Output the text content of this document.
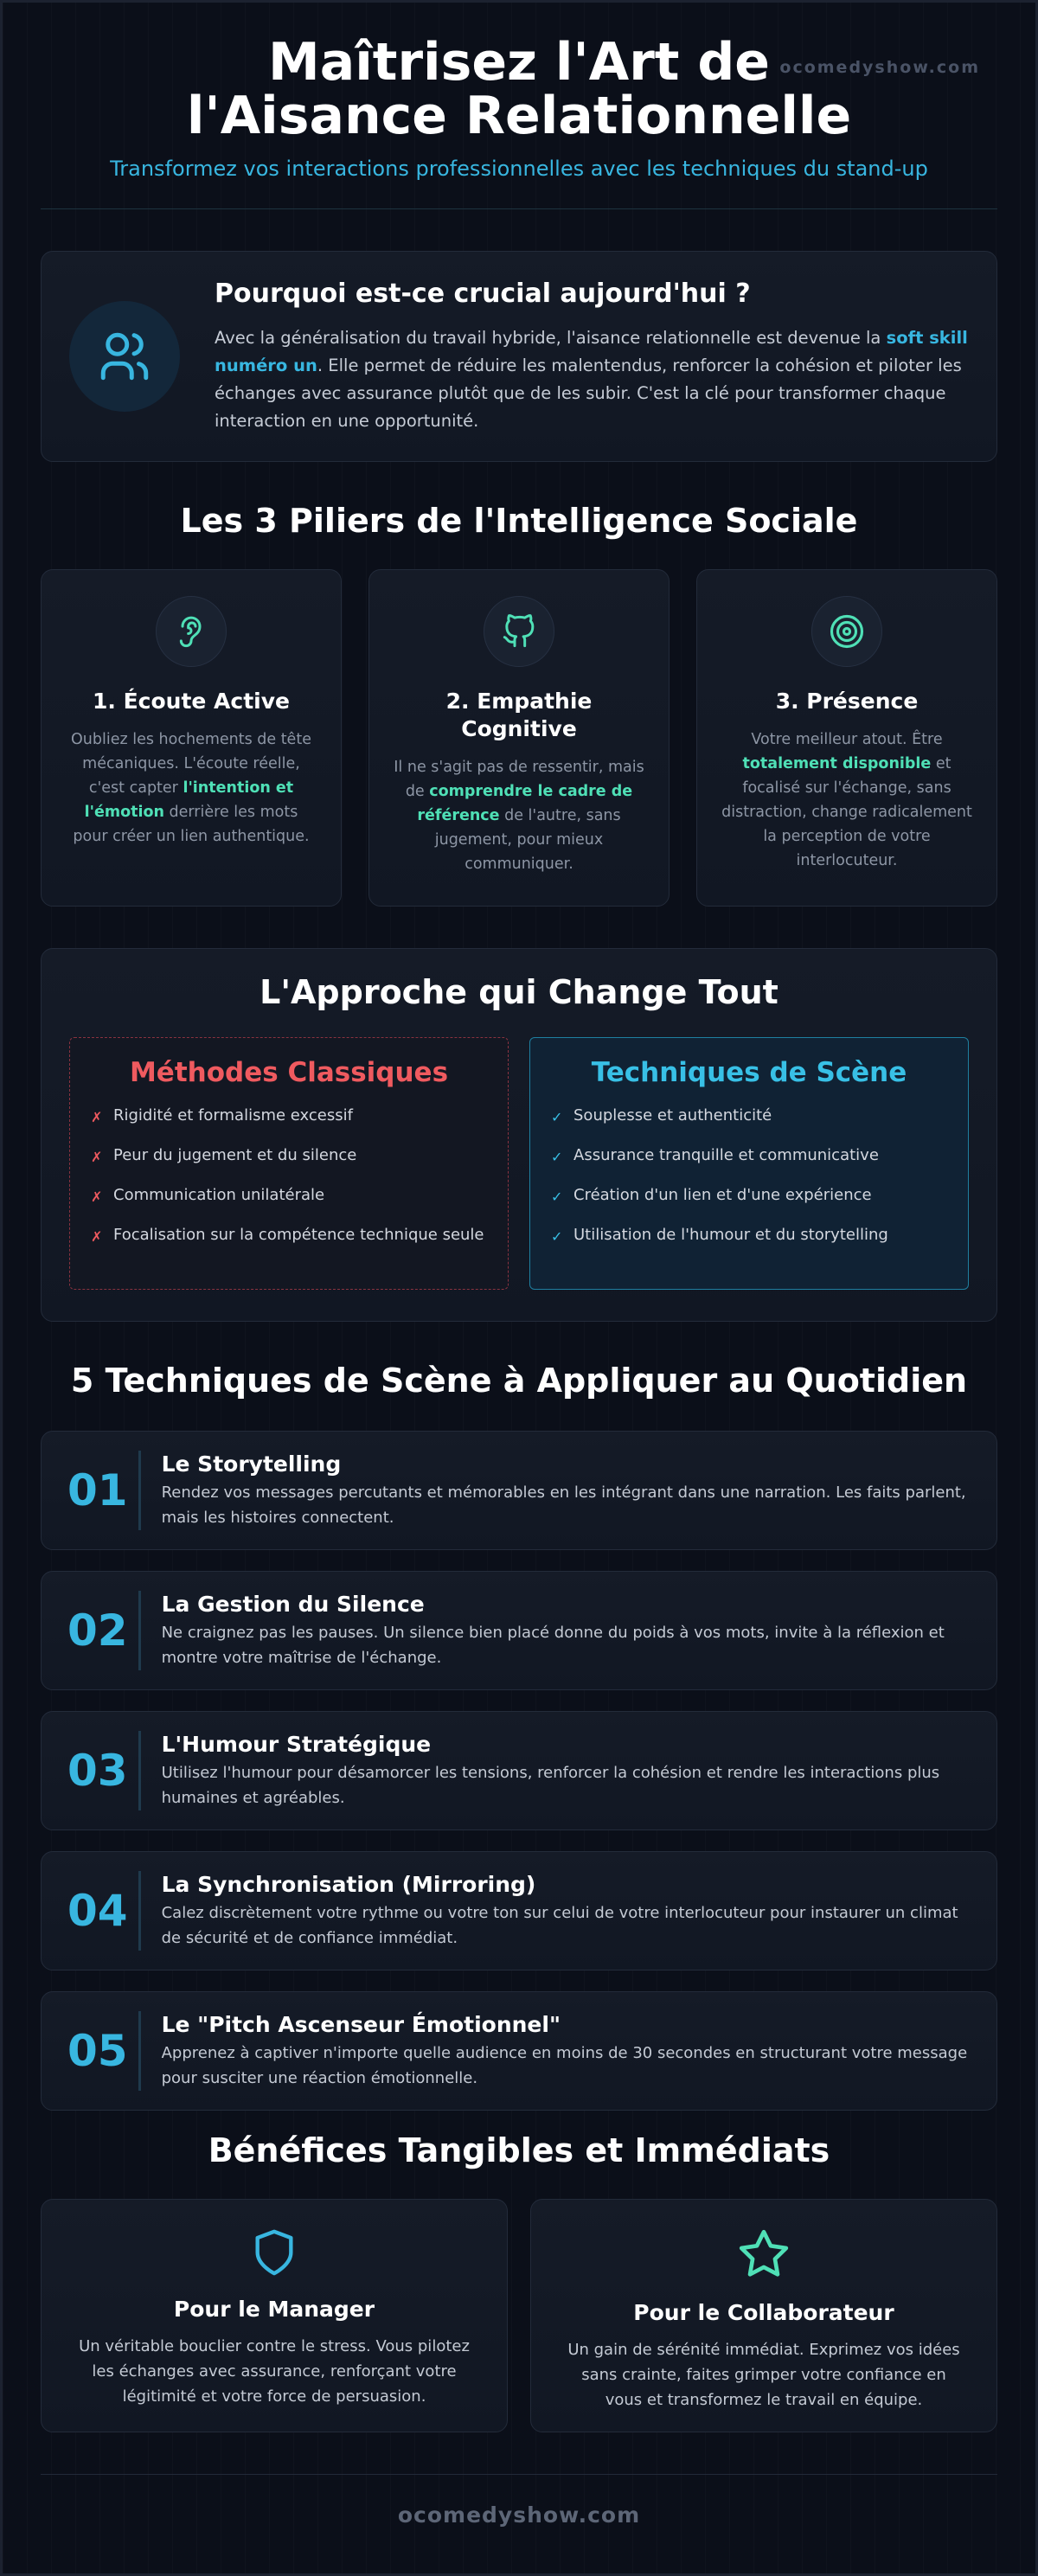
ocomedyshow.com
Maîtrisez l'Art de l'Aisance Relationnelle
Transformez vos interactions professionnelles avec les techniques du stand-up
Pourquoi est-ce crucial aujourd'hui ?

Avec la généralisation du travail hybride, l'aisance relationnelle est devenue la soft skill numéro un. Elle permet de réduire les malentendus, renforcer la cohésion et piloter les échanges avec assurance plutôt que de les subir. C'est la clé pour transformer chaque interaction en une opportunité.

Les 3 Piliers de l'Intelligence Sociale
1. Écoute Active

Oubliez les hochements de tête mécaniques. L'écoute réelle, c'est capter l'intention et l'émotion derrière les mots pour créer un lien authentique.

2. Empathie Cognitive

Il ne s'agit pas de ressentir, mais de comprendre le cadre de référence de l'autre, sans jugement, pour mieux communiquer.

3. Présence

Votre meilleur atout. Être totalement disponible et focalisé sur l'échange, sans distraction, change radicalement la perception de votre interlocuteur.

L'Approche qui Change Tout
Méthodes Classiques
✗ Rigidité et formalisme excessif
✗ Peur du jugement et du silence
✗ Communication unilatérale
✗ Focalisation sur la compétence technique seule
Techniques de Scène
✓ Souplesse et authenticité
✓ Assurance tranquille et communicative
✓ Création d'un lien et d'une expérience
✓ Utilisation de l'humour et du storytelling
5 Techniques de Scène à Appliquer au Quotidien
01
Le Storytelling

Rendez vos messages percutants et mémorables en les intégrant dans une narration. Les faits parlent, mais les histoires connectent.

02
La Gestion du Silence

Ne craignez pas les pauses. Un silence bien placé donne du poids à vos mots, invite à la réflexion et montre votre maîtrise de l'échange.

03
L'Humour Stratégique

Utilisez l'humour pour désamorcer les tensions, renforcer la cohésion et rendre les interactions plus humaines et agréables.

04
La Synchronisation (Mirroring)

Calez discrètement votre rythme ou votre ton sur celui de votre interlocuteur pour instaurer un climat de sécurité et de confiance immédiat.

05
Le "Pitch Ascenseur Émotionnel"

Apprenez à captiver n'importe quelle audience en moins de 30 secondes en structurant votre message pour susciter une réaction émotionnelle.

Bénéfices Tangibles et Immédiats
Pour le Manager

Un véritable bouclier contre le stress. Vous pilotez les échanges avec assurance, renforçant votre légitimité et votre force de persuasion.

Pour le Collaborateur

Un gain de sérénité immédiat. Exprimez vos idées sans crainte, faites grimper votre confiance en vous et transformez le travail en équipe.

ocomedyshow.com
